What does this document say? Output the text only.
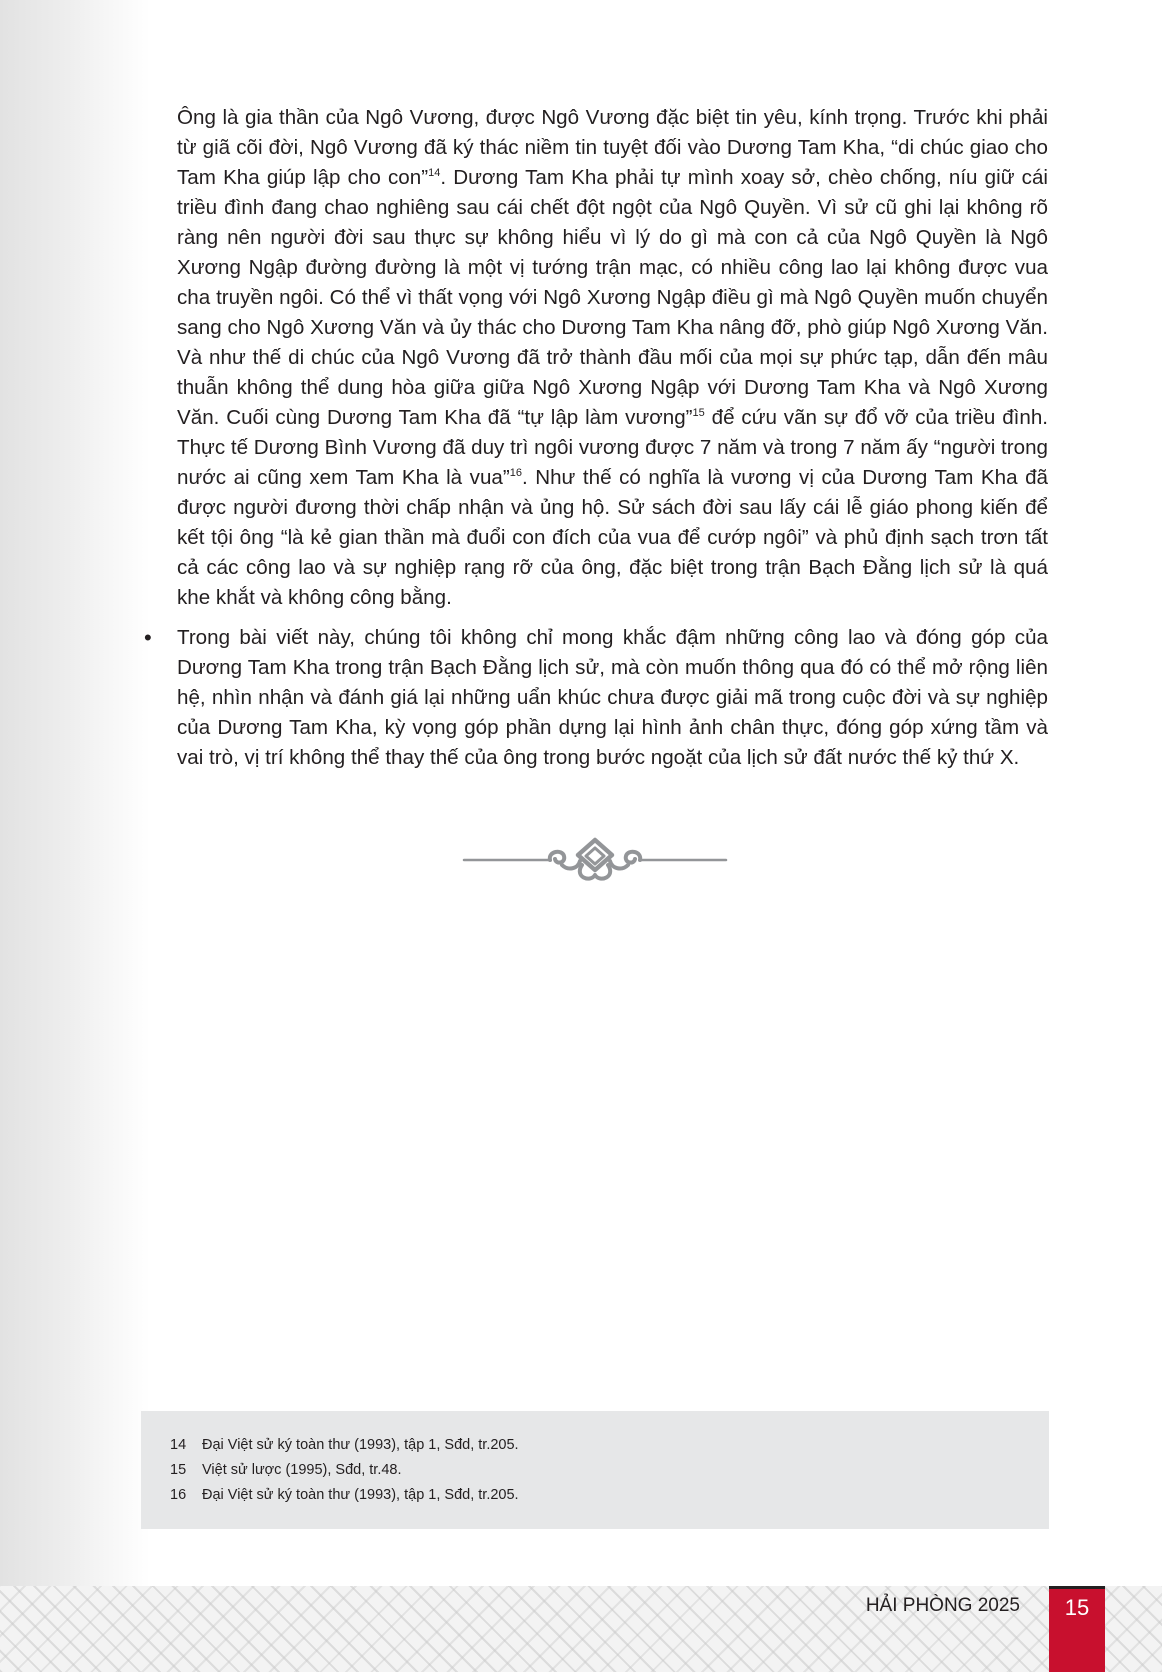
Ông là gia thần của Ngô Vương, được Ngô Vương đặc biệt tin yêu, kính trọng. Trước khi phải từ giã cõi đời, Ngô Vương đã ký thác niềm tin tuyệt đối vào Dương Tam Kha, “di chúc giao cho Tam Kha giúp lập cho con”$^{14}$. Dương Tam Kha phải tự mình xoay sở, chèo chống, níu giữ cái triều đình đang chao nghiêng sau cái chết đột ngột của Ngô Quyền. Vì sử cũ ghi lại không rõ ràng nên người đời sau thực sự không hiểu vì lý do gì mà con cả của Ngô Quyền là Ngô Xương Ngập đường đường là một vị tướng trận mạc, có nhiều công lao lại không được vua cha truyền ngôi. Có thể vì thất vọng với Ngô Xương Ngập điều gì mà Ngô Quyền muốn chuyển sang cho Ngô Xương Văn và ủy thác cho Dương Tam Kha nâng đỡ, phò giúp Ngô Xương Văn. Và như thế di chúc của Ngô Vương đã trở thành đầu mối của mọi sự phức tạp, dẫn đến mâu thuẫn không thể dung hòa giữa giữa Ngô Xương Ngập với Dương Tam Kha và Ngô Xương Văn. Cuối cùng Dương Tam Kha đã “tự lập làm vương”$^{15}$ để cứu vãn sự đổ vỡ của triều đình. Thực tế Dương Bình Vương đã duy trì ngôi vương được 7 năm và trong 7 năm ấy “người trong nước ai cũng xem Tam Kha là vua”$^{16}$. Như thế có nghĩa là vương vị của Dương Tam Kha đã được người đương thời chấp nhận và ủng hộ. Sử sách đời sau lấy cái lễ giáo phong kiến để kết tội ông “là kẻ gian thần mà đuổi con đích của vua để cướp ngôi” và phủ định sạch trơn tất cả các công lao và sự nghiệp rạng rỡ của ông, đặc biệt trong trận Bạch Đằng lịch sử là quá khe khắt và không công bằng.

• Trong bài viết này, chúng tôi không chỉ mong khắc đậm những công lao và đóng góp của Dương Tam Kha trong trận Bạch Đằng lịch sử, mà còn muốn thông qua đó có thể mở rộng liên hệ, nhìn nhận và đánh giá lại những uẩn khúc chưa được giải mã trong cuộc đời và sự nghiệp của Dương Tam Kha, kỳ vọng góp phần dựng lại hình ảnh chân thực, đóng góp xứng tầm và vai trò, vị trí không thể thay thế của ông trong bước ngoặt của lịch sử đất nước thế kỷ thứ X.

14 Đại Việt sử ký toàn thư (1993), tập 1, Sđd, tr.205.
15 Việt sử lược (1995), Sđd, tr.48.
16 Đại Việt sử ký toàn thư (1993), tập 1, Sđd, tr.205.
HẢI PHÒNG 2025	15
